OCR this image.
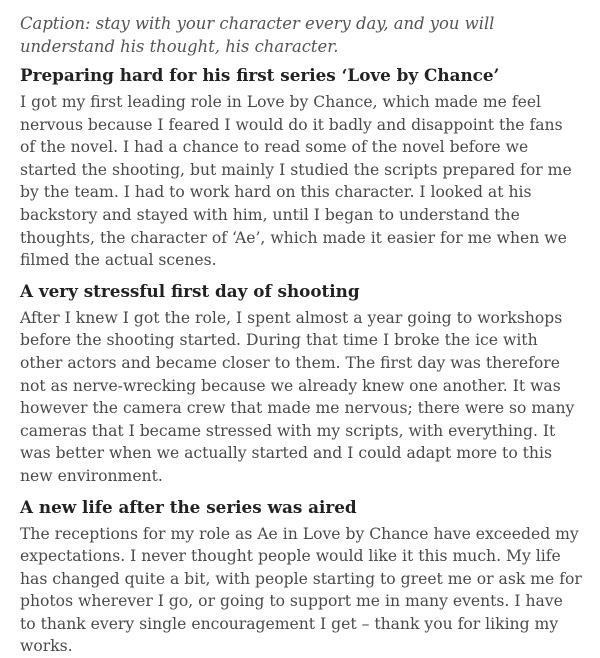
Caption: stay with your character every day, and you will understand his thought, his character.

Preparing hard for his first series ‘Love by Chance’

I got my first leading role in Love by Chance, which made me feel nervous because I feared I would do it badly and disappoint the fans of the novel. I had a chance to read some of the novel before we started the shooting, but mainly I studied the scripts prepared for me by the team. I had to work hard on this character. I looked at his backstory and stayed with him, until I began to understand the thoughts, the character of ‘Ae’, which made it easier for me when we filmed the actual scenes.

A very stressful first day of shooting

After I knew I got the role, I spent almost a year going to workshops before the shooting started. During that time I broke the ice with other actors and became closer to them. The first day was therefore not as nerve-wrecking because we already knew one another. It was however the camera crew that made me nervous; there were so many cameras that I became stressed with my scripts, with everything. It was better when we actually started and I could adapt more to this new environment.

A new life after the series was aired

The receptions for my role as Ae in Love by Chance have exceeded my expectations. I never thought people would like it this much. My life has changed quite a bit, with people starting to greet me or ask me for photos wherever I go, or going to support me in many events. I have to thank every single encouragement I get – thank you for liking my works.
